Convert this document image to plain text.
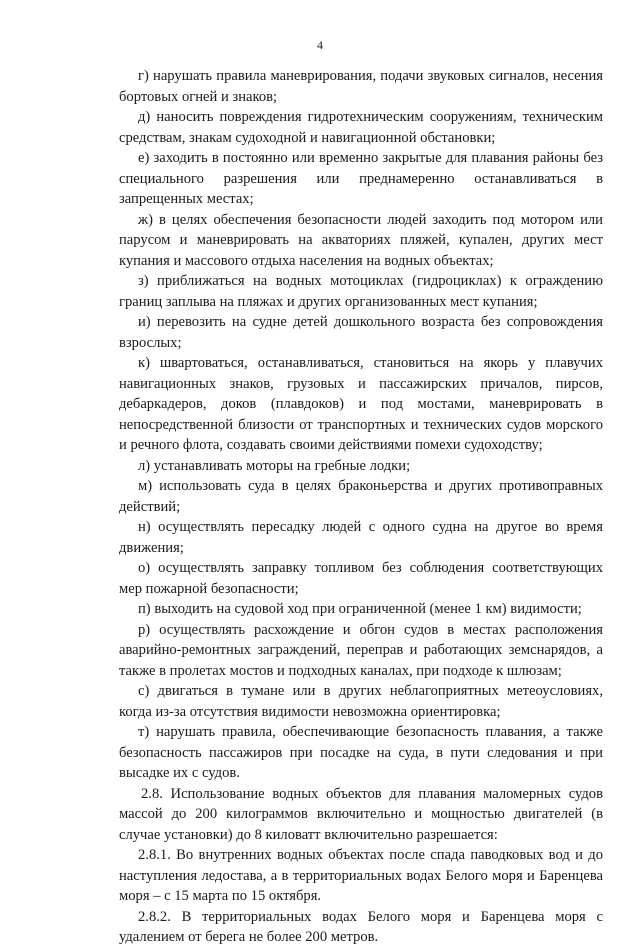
4

г) нарушать правила маневрирования, подачи звуковых сигналов, несения бортовых огней и знаков;

д) наносить повреждения гидротехническим сооружениям, техническим средствам, знакам судоходной и навигационной обстановки;

е) заходить в постоянно или временно закрытые для плавания районы без специального разрешения или преднамеренно останавливаться в запрещенных местах;

ж) в целях обеспечения безопасности людей заходить под мотором или парусом и маневрировать на акваториях пляжей, купален, других мест купания и массового отдыха населения на водных объектах;

з) приближаться на водных мотоциклах (гидроциклах) к ограждению границ заплыва на пляжах и других организованных мест купания;

и) перевозить на судне детей дошкольного возраста без сопровождения взрослых;

к) швартоваться, останавливаться, становиться на якорь у плавучих навигационных знаков, грузовых и пассажирских причалов, пирсов, дебаркадеров, доков (плавдоков) и под мостами, маневрировать в непосредственной близости от транспортных и технических судов морского и речного флота, создавать своими действиями помехи судоходству;

л) устанавливать моторы на гребные лодки;

м) использовать суда в целях браконьерства и других противоправных действий;

н) осуществлять пересадку людей с одного судна на другое во время движения;

о) осуществлять заправку топливом без соблюдения соответствующих мер пожарной безопасности;

п) выходить на судовой ход при ограниченной (менее 1 км) видимости;

р) осуществлять расхождение и обгон судов в местах расположения аварийно-ремонтных заграждений, переправ и работающих земснарядов, а также в пролетах мостов и подходных каналах, при подходе к шлюзам;

с) двигаться в тумане или в других неблагоприятных метеоусловиях, когда из-за отсутствия видимости невозможна ориентировка;

т) нарушать правила, обеспечивающие безопасность плавания, а также безопасность пассажиров при посадке на суда, в пути следования и при высадке их с судов.

2.8. Использование водных объектов для плавания маломерных судов массой до 200 килограммов включительно и мощностью двигателей (в случае установки) до 8 киловатт включительно разрешается:

2.8.1. Во внутренних водных объектах после спада паводковых вод и до наступления ледостава, а в территориальных водах Белого моря и Баренцева моря – с 15 марта по 15 октября.

2.8.2. В территориальных водах Белого моря и Баренцева моря с удалением от берега не более 200 метров.
